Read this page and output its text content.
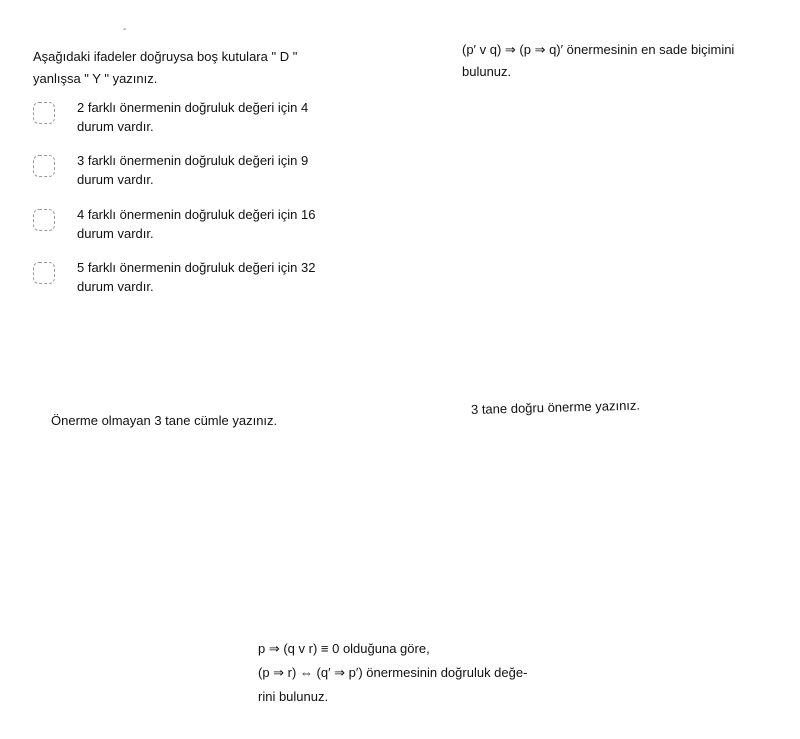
-
Aşağıdaki ifadeler doğruysa boş kutulara " D "
yanlışsa " Y " yazınız.
2 farklı önermenin doğruluk değeri için 4
durum vardır.
3 farklı önermenin doğruluk değeri için 9
durum vardır.
4 farklı önermenin doğruluk değeri için 16
durum vardır.
5 farklı önermenin doğruluk değeri için 32
durum vardır.
(p′ v q) ⇒ (p ⇒ q)′ önermesinin en sade biçimini
bulunuz.
Önerme olmayan 3 tane cümle yazınız.
3 tane doğru önerme yazınız.
p ⇒ (q v r) ≡ 0 olduğuna göre,
(p ⇒ r) ⇔ (q′ ⇒ p′) önermesinin doğruluk değe-
rini bulunuz.
